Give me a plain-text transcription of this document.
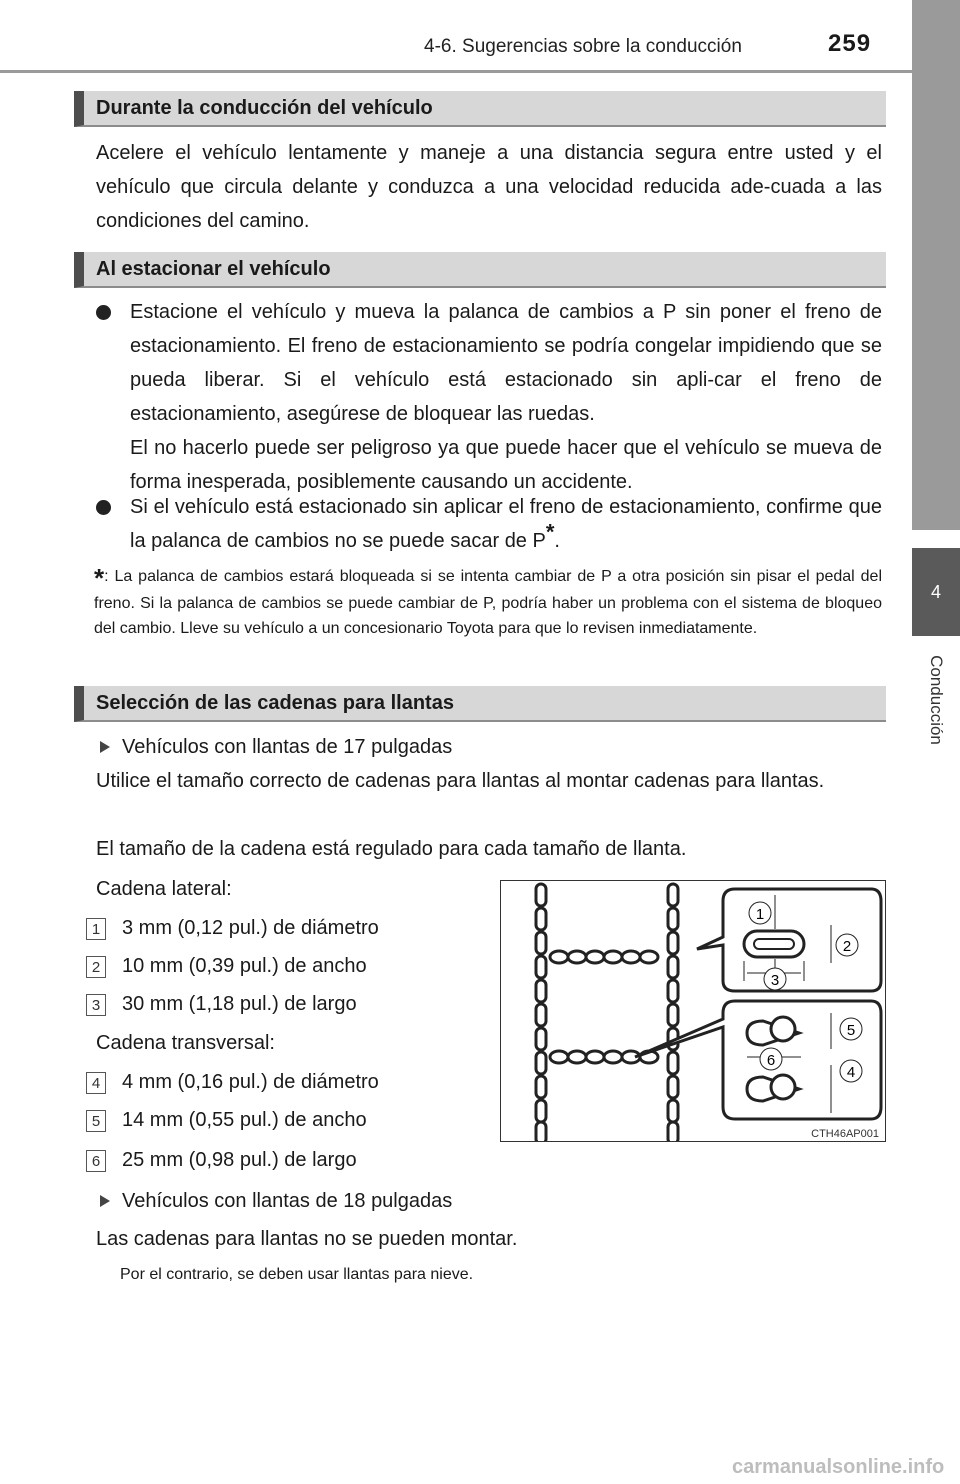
4-6. Sugerencias sobre la conducción	259
4
Conducción
Durante la conducción del vehículo
Acelere el vehículo lentamente y maneje a una distancia segura entre usted y el vehículo que circula delante y conduzca a una velocidad reducida ade-cuada a las condiciones del camino.
Al estacionar el vehículo
Estacione el vehículo y mueva la palanca de cambios a P sin poner el freno de estacionamiento. El freno de estacionamiento se podría congelar impidiendo que se pueda liberar. Si el vehículo está estacionado sin apli-car el freno de estacionamiento, asegúrese de bloquear las ruedas.
El no hacerlo puede ser peligroso ya que puede hacer que el vehículo se mueva de forma inesperada, posiblemente causando un accidente.
Si el vehículo está estacionado sin aplicar el freno de estacionamiento, confirme que la palanca de cambios no se puede sacar de P*.
*: La palanca de cambios estará bloqueada si se intenta cambiar de P a otra posición sin pisar el pedal del freno. Si la palanca de cambios se puede cambiar de P, podría haber un problema con el sistema de bloqueo del cambio. Lleve su vehículo a un concesionario Toyota para que lo revisen inmediatamente.
Selección de las cadenas para llantas
Vehículos con llantas de 17 pulgadas
Utilice el tamaño correcto de cadenas para llantas al montar cadenas para llantas.
El tamaño de la cadena está regulado para cada tamaño de llanta.
Cadena lateral:
1 3 mm (0,12 pul.) de diámetro
2 10 mm (0,39 pul.) de ancho
3 30 mm (1,18 pul.) de largo
Cadena transversal:
4 4 mm (0,16 pul.) de diámetro
5 14 mm (0,55 pul.) de ancho
6 25 mm (0,98 pul.) de largo
Vehículos con llantas de 18 pulgadas
Las cadenas para llantas no se pueden montar.
Por el contrario, se deben usar llantas para nieve.
1
2
3
5
6
4
CTH46AP001
carmanualsonline.info
